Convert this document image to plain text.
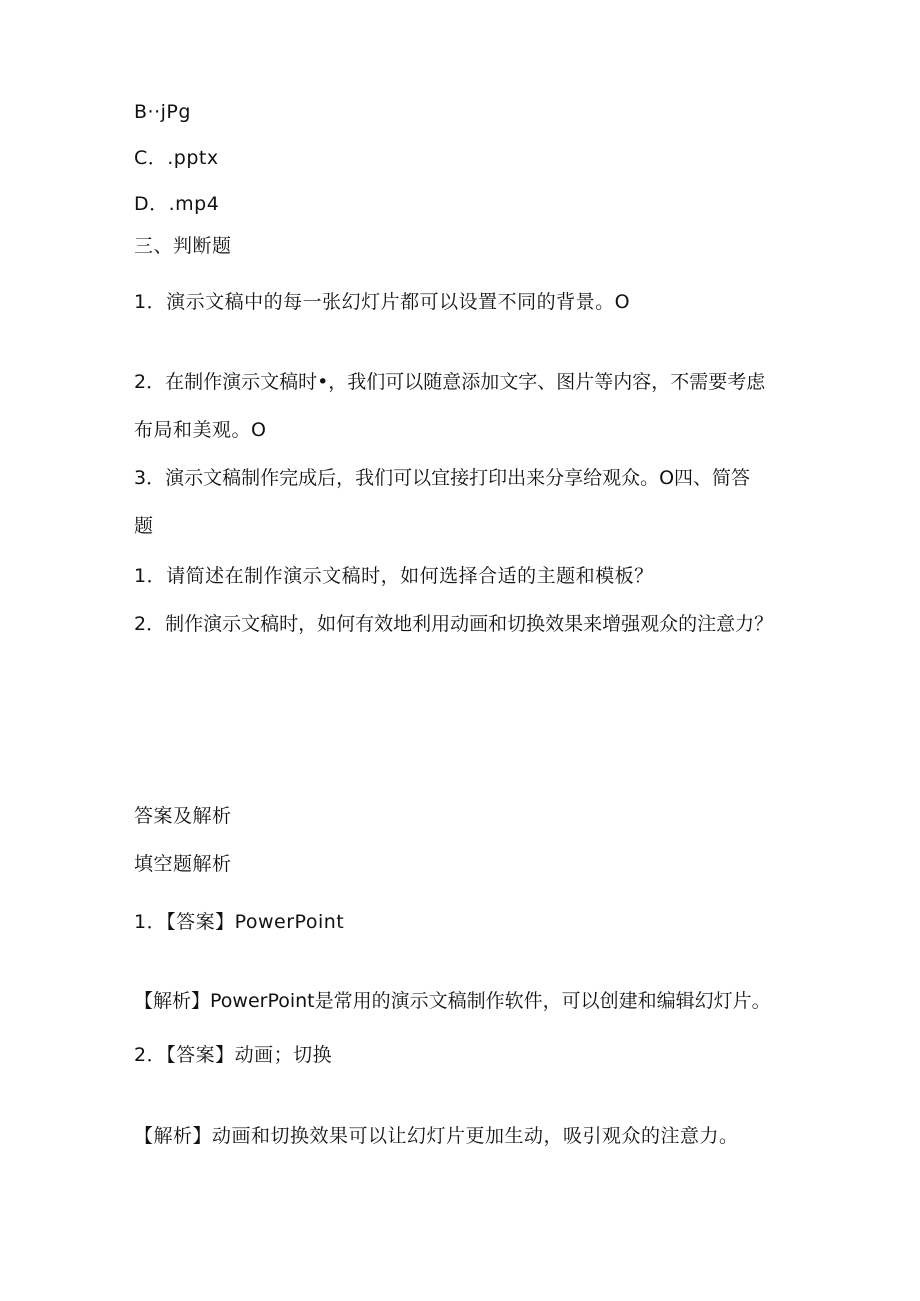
B··jPg
C．.pptx
D．.mp4
三、判断题
1．演示文稿中的每一张幻灯片都可以设置不同的背景。O
2．在制作演示文稿时•，我们可以随意添加文字、图片等内容，不需要考虑
布局和美观。O
3．演示文稿制作完成后，我们可以宜接打印出来分享给观众。O四、简答
题
1．请简述在制作演示文稿时，如何选择合适的主题和模板？
2．制作演示文稿时，如何有效地利用动画和切换效果来增强观众的注意力？
答案及解析
填空题解析
1．【答案】PowerPoint
【解析】PowerPoint是常用的演示文稿制作软件，可以创建和编辑幻灯片。
2．【答案】动画；切换
【解析】动画和切换效果可以让幻灯片更加生动，吸引观众的注意力。
